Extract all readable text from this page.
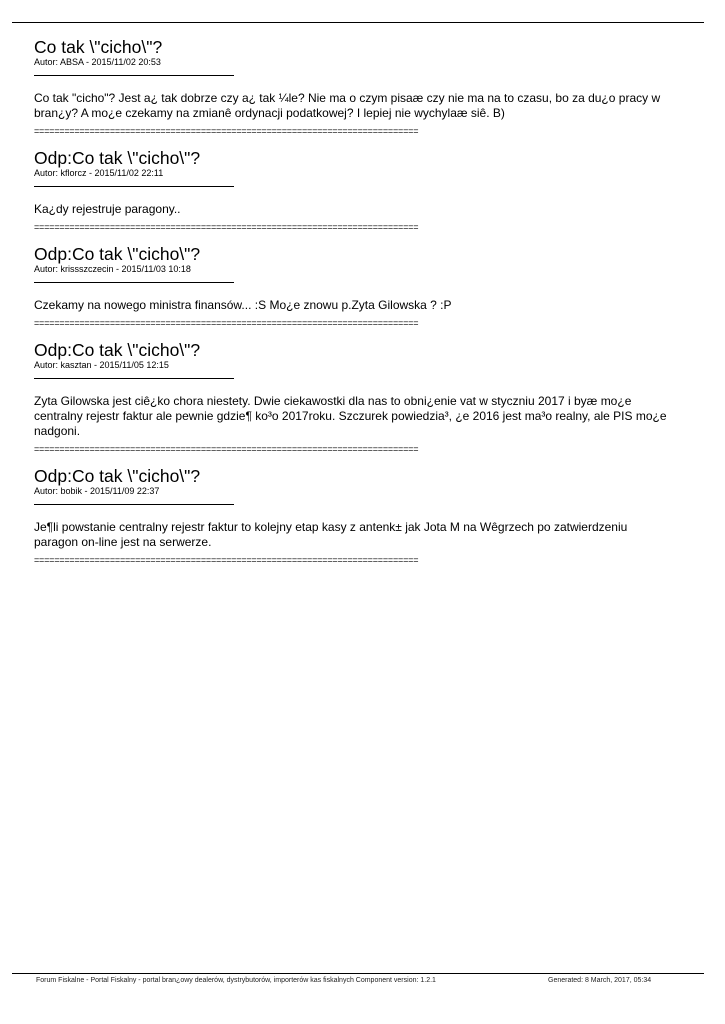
Co tak \"cicho\"?
Autor: ABSA - 2015/11/02 20:53

Co tak "cicho"? Jest a¿ tak dobrze czy a¿ tak ¼le? Nie ma o czym pisaæ czy nie ma na to czasu, bo za du¿o pracy w bran¿y? A mo¿e czekamy na zmianê ordynacji podatkowej? I lepiej nie wychylaæ siê. B)

============================================================================
Odp:Co tak \"cicho\"?
Autor: kflorcz - 2015/11/02 22:11

Ka¿dy rejestruje paragony..

============================================================================
Odp:Co tak \"cicho\"?
Autor: krissszczecin - 2015/11/03 10:18

Czekamy na nowego ministra finansów... :S Mo¿e znowu p.Zyta Gilowska ? :P

============================================================================
Odp:Co tak \"cicho\"?
Autor: kasztan - 2015/11/05 12:15

Zyta Gilowska jest ciê¿ko chora niestety. Dwie ciekawostki dla nas to obni¿enie vat w styczniu 2017 i byæ mo¿e centralny rejestr faktur ale pewnie gdzie¶ ko³o 2017roku. Szczurek powiedzia³, ¿e 2016 jest ma³o realny, ale PIS mo¿e nadgoni.

============================================================================
Odp:Co tak \"cicho\"?
Autor: bobik - 2015/11/09 22:37

Je¶li powstanie centralny rejestr faktur to kolejny etap kasy z antenk± jak Jota M na Wêgrzech po zatwierdzeniu paragon on-line jest na serwerze.

============================================================================
Forum Fiskalne - Portal Fiskalny - portal bran¿owy dealerów, dystrybutorów, importerów kas fiskalnych Component version: 1.2.1	Generated: 8 March, 2017, 05:34
